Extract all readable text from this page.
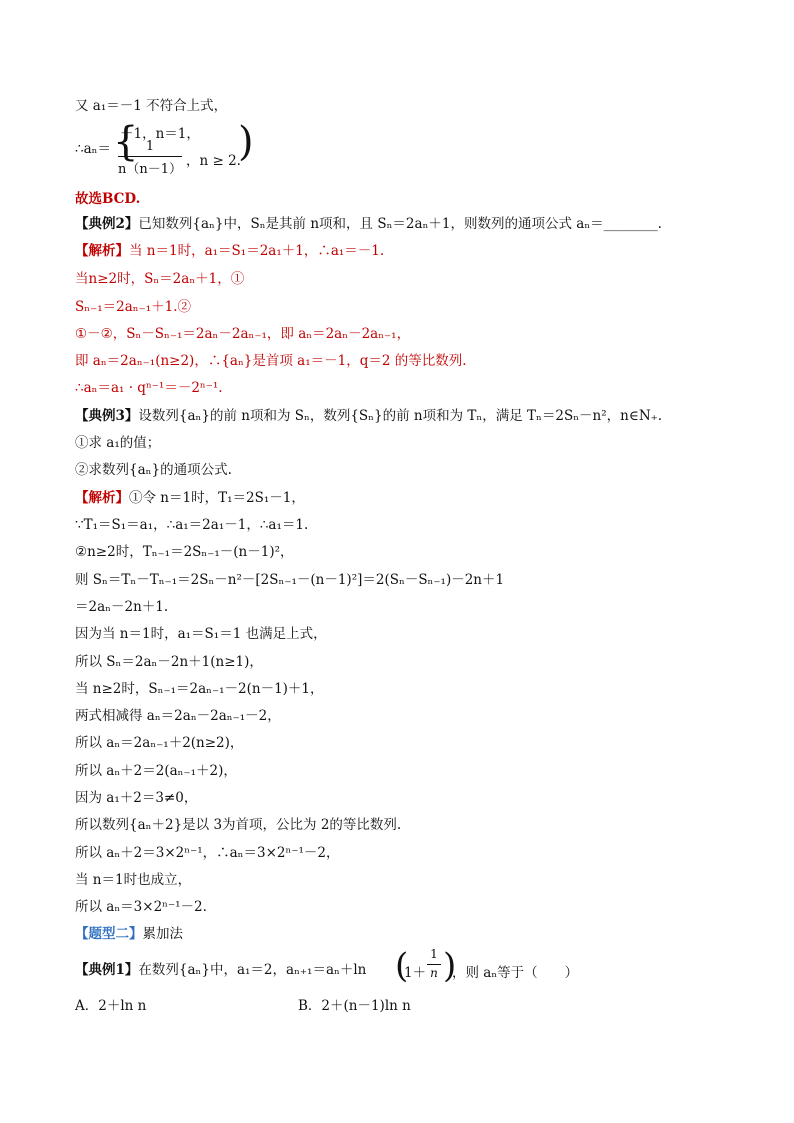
又 a₁＝－1 不符合上式，
∴aₙ＝ {
－1，n＝1，
1
n（n－1）
，n ≥ 2.
)
故选BCD.
【典例2】已知数列{aₙ}中，Sₙ是其前 n项和，且 Sₙ＝2aₙ＋1，则数列的通项公式 aₙ＝________.
【解析】当 n＝1时，a₁＝S₁＝2a₁＋1，∴a₁＝－1.
当n≥2时，Sₙ＝2aₙ＋1，①
Sₙ₋₁＝2aₙ₋₁＋1.②
①－②，Sₙ－Sₙ₋₁＝2aₙ－2aₙ₋₁，即 aₙ＝2aₙ－2aₙ₋₁，
即 aₙ＝2aₙ₋₁(n≥2)，∴{aₙ}是首项 a₁＝－1，q＝2 的等比数列.
∴aₙ＝a₁ · qⁿ⁻¹＝－2ⁿ⁻¹.
【典例3】设数列{aₙ}的前 n项和为 Sₙ，数列{Sₙ}的前 n项和为 Tₙ，满足 Tₙ＝2Sₙ－n²，n∈N₊.
①求 a₁的值；
②求数列{aₙ}的通项公式.
【解析】①令 n＝1时，T₁＝2S₁－1，
∵T₁＝S₁＝a₁，∴a₁＝2a₁－1，∴a₁＝1.
②n≥2时，Tₙ₋₁＝2Sₙ₋₁－(n－1)²，
则 Sₙ＝Tₙ－Tₙ₋₁＝2Sₙ－n²－[2Sₙ₋₁－(n－1)²]＝2(Sₙ－Sₙ₋₁)－2n＋1
＝2aₙ－2n＋1.
因为当 n＝1时，a₁＝S₁＝1 也满足上式，
所以 Sₙ＝2aₙ－2n＋1(n≥1)，
当 n≥2时，Sₙ₋₁＝2aₙ₋₁－2(n－1)＋1，
两式相减得 aₙ＝2aₙ－2aₙ₋₁－2，
所以 aₙ＝2aₙ₋₁＋2(n≥2)，
所以 aₙ＋2＝2(aₙ₋₁＋2)，
因为 a₁＋2＝3≠0，
所以数列{aₙ＋2}是以 3为首项，公比为 2的等比数列.
所以 aₙ＋2＝3×2ⁿ⁻¹，∴aₙ＝3×2ⁿ⁻¹－2，
当 n＝1时也成立，
所以 aₙ＝3×2ⁿ⁻¹－2.
【题型二】累加法
【典例1】在数列{aₙ}中，a₁＝2，aₙ₊₁＝aₙ＋ln (
1＋
1
n )
，则 aₙ等于（　　）
A．2＋ln n	B．2＋(n－1)ln n
